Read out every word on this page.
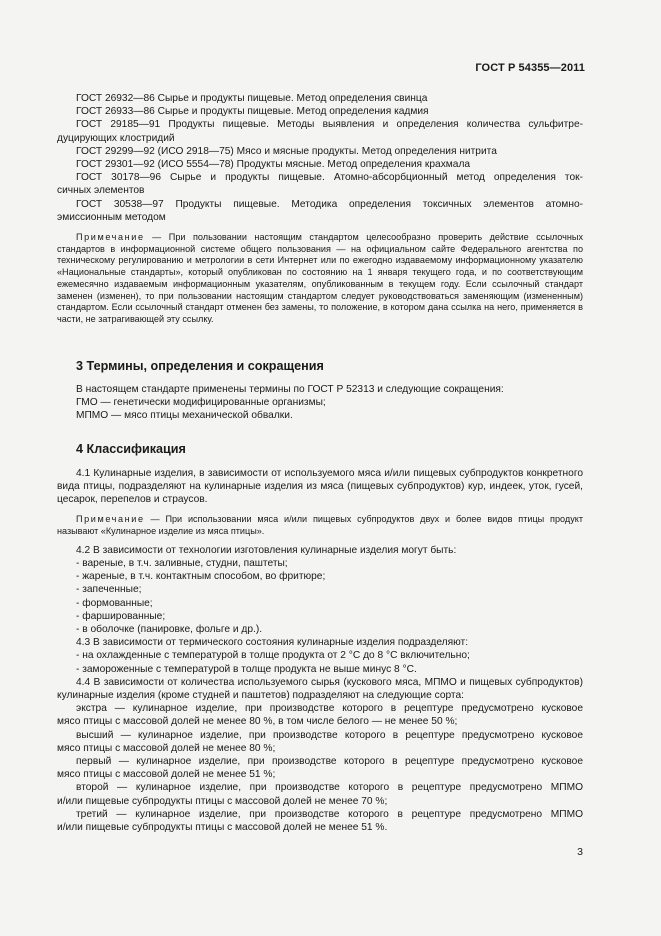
ГОСТ Р 54355—2011

ГОСТ 26932—86 Сырье и продукты пищевые. Метод определения свинца

ГОСТ 26933—86 Сырье и продукты пищевые. Метод определения кадмия

ГОСТ 29185—91 Продукты пищевые. Методы выявления и определения количества сульфитре-

дуцирующих клостридий

ГОСТ 29299—92 (ИСО 2918—75) Мясо и мясные продукты. Метод определения нитрита

ГОСТ 29301—92 (ИСО 5554—78) Продукты мясные. Метод определения крахмала

ГОСТ 30178—96 Сырье и продукты пищевые. Атомно-абсорбционный метод определения ток-

сичных элементов

ГОСТ 30538—97 Продукты пищевые. Методика определения токсичных элементов атомно-

эмиссионным методом

Примечание — При пользовании настоящим стандартом целесообразно проверить действие ссылочных стандартов в информационной системе общего пользования — на официальном сайте Федерального агентства по техническому регулированию и метрологии в сети Интернет или по ежегодно издаваемому информационному указателю «Национальные стандарты», который опубликован по состоянию на 1 января текущего года, и по соответствующим ежемесячно издаваемым информационным указателям, опубликованным в текущем году. Если ссылочный стандарт заменен (изменен), то при пользовании настоящим стандартом следует руководствоваться заменяющим (измененным) стандартом. Если ссылочный стандарт отменен без замены, то положение, в котором дана ссылка на него, применяется в части, не затрагивающей эту ссылку.

3 Термины, определения и сокращения

В настоящем стандарте применены термины по ГОСТ Р 52313 и следующие сокращения:

ГМО — генетически модифицированные организмы;

МПМО — мясо птицы механической обвалки.

4 Классификация

4.1 Кулинарные изделия, в зависимости от используемого мяса и/или пищевых субпродуктов конкретного вида птицы, подразделяют на кулинарные изделия из мяса (пищевых субпродуктов) кур, индеек, уток, гусей, цесарок, перепелов и страусов.

Примечание — При использовании мяса и/или пищевых субпродуктов двух и более видов птицы продукт называют «Кулинарное изделие из мяса птицы».

4.2 В зависимости от технологии изготовления кулинарные изделия могут быть:

- вареные, в т.ч. заливные, студни, паштеты;

- жареные, в т.ч. контактным способом, во фритюре;

- запеченные;

- формованные;

- фаршированные;

- в оболочке (панировке, фольге и др.).

4.3 В зависимости от термического состояния кулинарные изделия подразделяют:

- на охлажденные с температурой в толще продукта от 2 °С до 8 °С включительно;

- замороженные с температурой в толще продукта не выше минус 8 °С.

4.4 В зависимости от количества используемого сырья (кускового мяса, МПМО и пищевых субпродуктов) кулинарные изделия (кроме студней и паштетов) подразделяют на следующие сорта:

экстра — кулинарное изделие, при производстве которого в рецептуре предусмотрено кусковое

мясо птицы с массовой долей не менее 80 %, в том числе белого — не менее 50 %;

высший — кулинарное изделие, при производстве которого в рецептуре предусмотрено кусковое

мясо птицы с массовой долей не менее 80 %;

первый — кулинарное изделие, при производстве которого в рецептуре предусмотрено кусковое

мясо птицы с массовой долей не менее 51 %;

второй — кулинарное изделие, при производстве которого в рецептуре предусмотрено МПМО

и/или пищевые субпродукты птицы с массовой долей не менее 70 %;

третий — кулинарное изделие, при производстве которого в рецептуре предусмотрено МПМО

и/или пищевые субпродукты птицы с массовой долей не менее 51 %.

3
